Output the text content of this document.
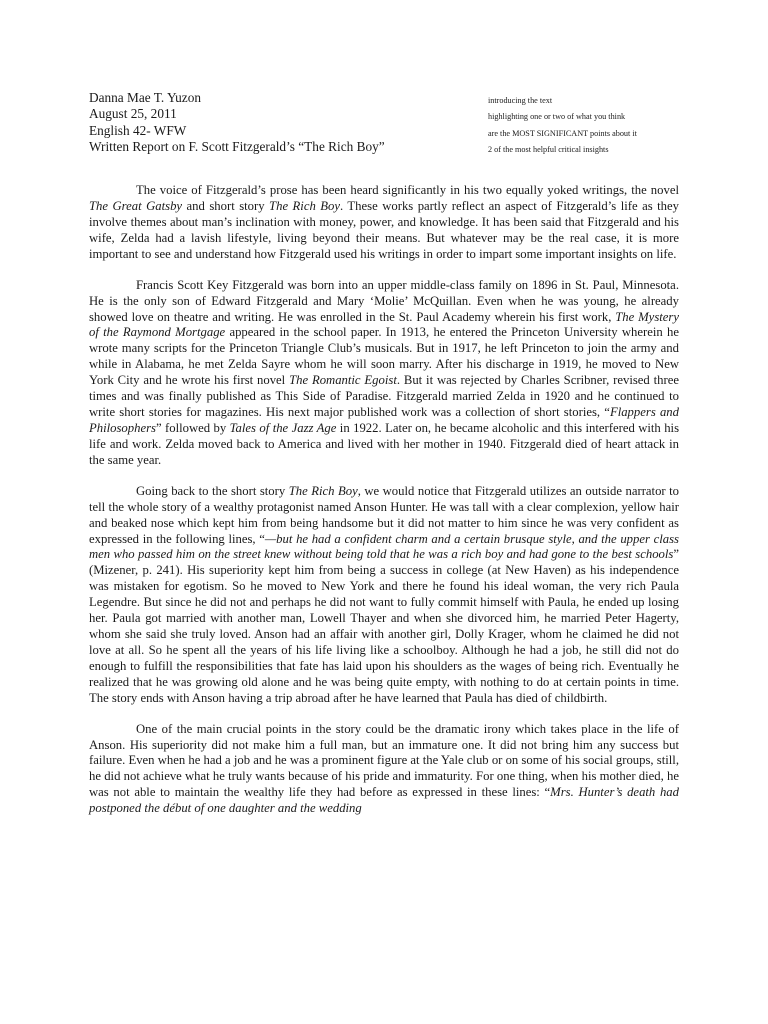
Danna Mae T. Yuzon
August 25, 2011
English 42- WFW
Written Report on F. Scott Fitzgerald’s “The Rich Boy”
introducing the text
highlighting one or two of what you think
are the MOST SIGNIFICANT points about it
2 of the most helpful critical insights

The voice of Fitzgerald’s prose has been heard significantly in his two equally yoked writings, the novel The Great Gatsby and short story The Rich Boy. These works partly reflect an aspect of Fitzgerald’s life as they involve themes about man’s inclination with money, power, and knowledge. It has been said that Fitzgerald and his wife, Zelda had a lavish lifestyle, living beyond their means. But whatever may be the real case, it is more important to see and understand how Fitzgerald used his writings in order to impart some important insights on life.

Francis Scott Key Fitzgerald was born into an upper middle-class family on 1896 in St. Paul, Minnesota. He is the only son of Edward Fitzgerald and Mary ‘Molie’ McQuillan. Even when he was young, he already showed love on theatre and writing. He was enrolled in the St. Paul Academy wherein his first work, The Mystery of the Raymond Mortgage appeared in the school paper. In 1913, he entered the Princeton University wherein he wrote many scripts for the Princeton Triangle Club’s musicals. But in 1917, he left Princeton to join the army and while in Alabama, he met Zelda Sayre whom he will soon marry. After his discharge in 1919, he moved to New York City and he wrote his first novel The Romantic Egoist. But it was rejected by Charles Scribner, revised three times and was finally published as This Side of Paradise. Fitzgerald married Zelda in 1920 and he continued to write short stories for magazines. His next major published work was a collection of short stories, “Flappers and Philosophers” followed by Tales of the Jazz Age in 1922. Later on, he became alcoholic and this interfered with his life and work. Zelda moved back to America and lived with her mother in 1940. Fitzgerald died of heart attack in the same year.

Going back to the short story The Rich Boy, we would notice that Fitzgerald utilizes an outside narrator to tell the whole story of a wealthy protagonist named Anson Hunter. He was tall with a clear complexion, yellow hair and beaked nose which kept him from being handsome but it did not matter to him since he was very confident as expressed in the following lines, “—but he had a confident charm and a certain brusque style, and the upper class men who passed him on the street knew without being told that he was a rich boy and had gone to the best schools” (Mizener, p. 241). His superiority kept him from being a success in college (at New Haven) as his independence was mistaken for egotism. So he moved to New York and there he found his ideal woman, the very rich Paula Legendre. But since he did not and perhaps he did not want to fully commit himself with Paula, he ended up losing her. Paula got married with another man, Lowell Thayer and when she divorced him, he married Peter Hagerty, whom she said she truly loved. Anson had an affair with another girl, Dolly Krager, whom he claimed he did not love at all. So he spent all the years of his life living like a schoolboy. Although he had a job, he still did not do enough to fulfill the responsibilities that fate has laid upon his shoulders as the wages of being rich. Eventually he realized that he was growing old alone and he was being quite empty, with nothing to do at certain points in time. The story ends with Anson having a trip abroad after he have learned that Paula has died of childbirth.

One of the main crucial points in the story could be the dramatic irony which takes place in the life of Anson. His superiority did not make him a full man, but an immature one. It did not bring him any success but failure. Even when he had a job and he was a prominent figure at the Yale club or on some of his social groups, still, he did not achieve what he truly wants because of his pride and immaturity. For one thing, when his mother died, he was not able to maintain the wealthy life they had before as expressed in these lines: “Mrs. Hunter’s death had postponed the début of one daughter and the wedding
